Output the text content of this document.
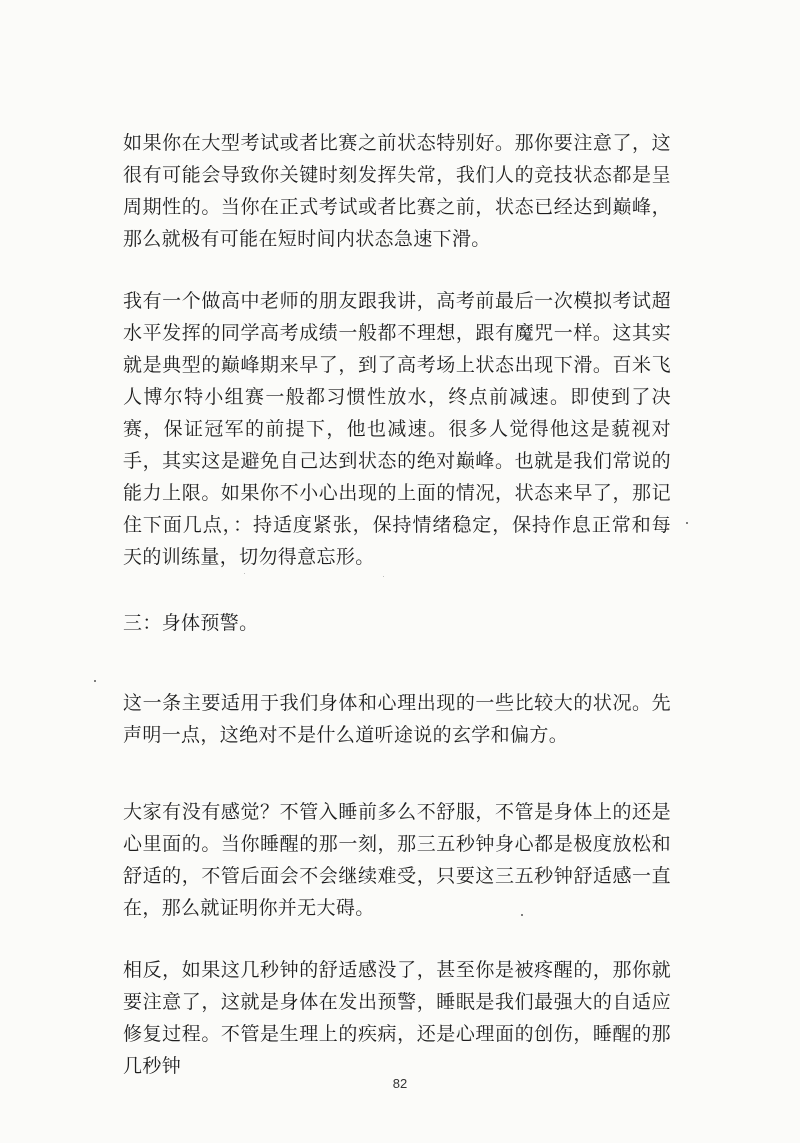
如果你在大型考试或者比赛之前状态特别好。那你要注意了，这很有可能会导致你关键时刻发挥失常，我们人的竞技状态都是呈周期性的。当你在正式考试或者比赛之前，状态已经达到巅峰，那么就极有可能在短时间内状态急速下滑。

我有一个做高中老师的朋友跟我讲，高考前最后一次模拟考试超水平发挥的同学高考成绩一般都不理想，跟有魔咒一样。这其实就是典型的巅峰期来早了，到了高考场上状态出现下滑。百米飞人博尔特小组赛一般都习惯性放水，终点前减速。即使到了决赛，保证冠军的前提下，他也减速。很多人觉得他这是藐视对手，其实这是避免自己达到状态的绝对巅峰。也就是我们常说的能力上限。如果你不小心出现的上面的情况，状态来早了，那记住下面几点，：持适度紧张，保持情绪稳定，保持作息正常和每天的训练量，切勿得意忘形。

三：身体预警。

这一条主要适用于我们身体和心理出现的一些比较大的状况。先声明一点，这绝对不是什么道听途说的玄学和偏方。

大家有没有感觉？不管入睡前多么不舒服，不管是身体上的还是心里面的。当你睡醒的那一刻，那三五秒钟身心都是极度放松和舒适的，不管后面会不会继续难受，只要这三五秒钟舒适感一直在，那么就证明你并无大碍。

相反，如果这几秒钟的舒适感没了，甚至你是被疼醒的，那你就要注意了，这就是身体在发出预警，睡眠是我们最强大的自适应修复过程。不管是生理上的疾病，还是心理面的创伤，睡醒的那几秒钟

82
